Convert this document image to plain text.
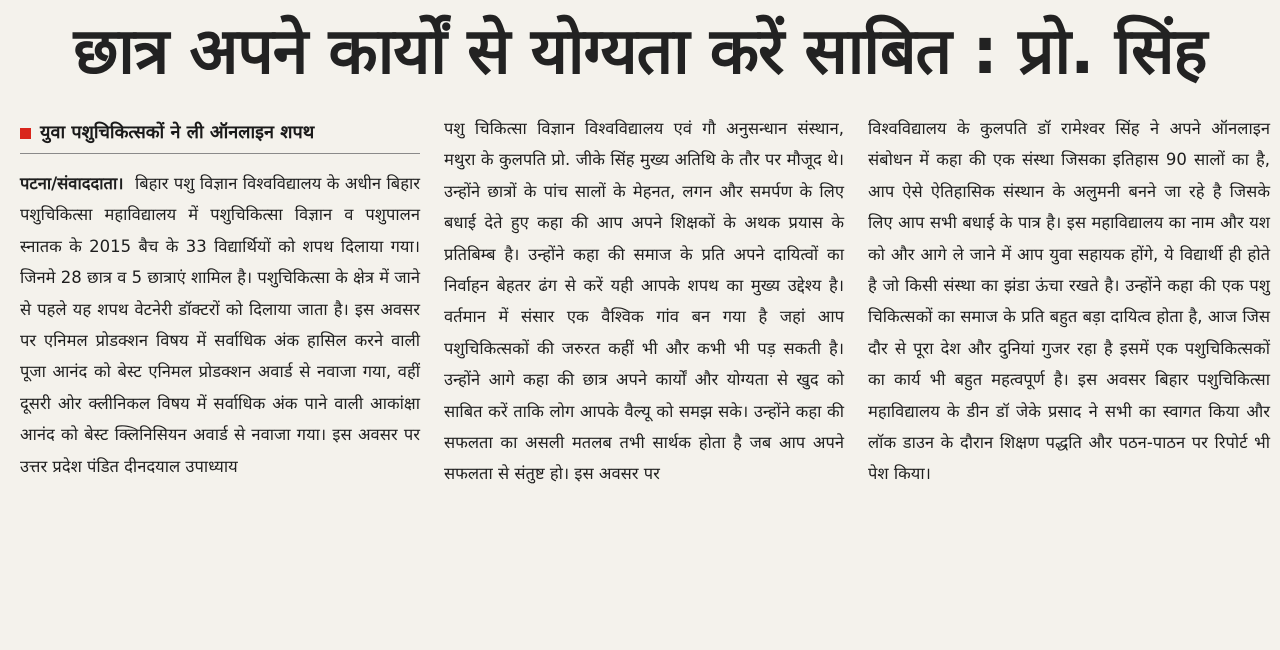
छात्र अपने कार्यों से योग्यता करें साबित : प्रो. सिंह
युवा पशुचिकित्सकों ने ली ऑनलाइन शपथ

पटना/संवाददाता। बिहार पशु विज्ञान विश्वविद्यालय के अधीन बिहार पशुचिकित्सा महाविद्यालय में पशुचिकित्सा विज्ञान व पशुपालन स्नातक के 2015 बैच के 33 विद्यार्थियों को शपथ दिलाया गया। जिनमे 28 छात्र व 5 छात्राएं शामिल है। पशुचिकित्सा के क्षेत्र में जाने से पहले यह शपथ वेटनेरी डॉक्टरों को दिलाया जाता है। इस अवसर पर एनिमल प्रोडक्शन विषय में सर्वाधिक अंक हासिल करने वाली पूजा आनंद को बेस्ट एनिमल प्रोडक्शन अवार्ड से नवाजा गया, वहीं दूसरी ओर क्लीनिकल विषय में सर्वाधिक अंक पाने वाली आकांक्षा आनंद को बेस्ट क्लिनिसियन अवार्ड से नवाजा गया। इस अवसर पर उत्तर प्रदेश पंडित दीनदयाल उपाध्याय

पशु चिकित्सा विज्ञान विश्वविद्यालय एवं गौ अनुसन्धान संस्थान, मथुरा के कुलपति प्रो. जीके सिंह मुख्य अतिथि के तौर पर मौजूद थे। उन्होंने छात्रों के पांच सालों के मेहनत, लगन और समर्पण के लिए बधाई देते हुए कहा की आप अपने शिक्षकों के अथक प्रयास के प्रतिबिम्ब है। उन्होंने कहा की समाज के प्रति अपने दायित्वों का निर्वाहन बेहतर ढंग से करें यही आपके शपथ का मुख्य उद्देश्य है। वर्तमान में संसार एक वैश्विक गांव बन गया है जहां आप पशुचिकित्सकों की जरुरत कहीं भी और कभी भी पड़ सकती है। उन्होंने आगे कहा की छात्र अपने कार्यों और योग्यता से खुद को साबित करें ताकि लोग आपके वैल्यू को समझ सके। उन्होंने कहा की सफलता का असली मतलब तभी सार्थक होता है जब आप अपने सफलता से संतुष्ट हो। इस अवसर पर

विश्वविद्यालय के कुलपति डॉ रामेश्वर सिंह ने अपने ऑनलाइन संबोधन में कहा की एक संस्था जिसका इतिहास 90 सालों का है, आप ऐसे ऐतिहासिक संस्थान के अलुमनी बनने जा रहे है जिसके लिए आप सभी बधाई के पात्र है। इस महाविद्यालय का नाम और यश को और आगे ले जाने में आप युवा सहायक होंगे, ये विद्यार्थी ही होते है जो किसी संस्था का झंडा ऊंचा रखते है। उन्होंने कहा की एक पशु चिकित्सकों का समाज के प्रति बहुत बड़ा दायित्व होता है, आज जिस दौर से पूरा देश और दुनियां गुजर रहा है इसमें एक पशुचिकित्सकों का कार्य भी बहुत महत्वपूर्ण है। इस अवसर बिहार पशुचिकित्सा महाविद्यालय के डीन डॉ जेके प्रसाद ने सभी का स्वागत किया और लॉक डाउन के दौरान शिक्षण पद्धति और पठन-पाठन पर रिपोर्ट भी पेश किया।
